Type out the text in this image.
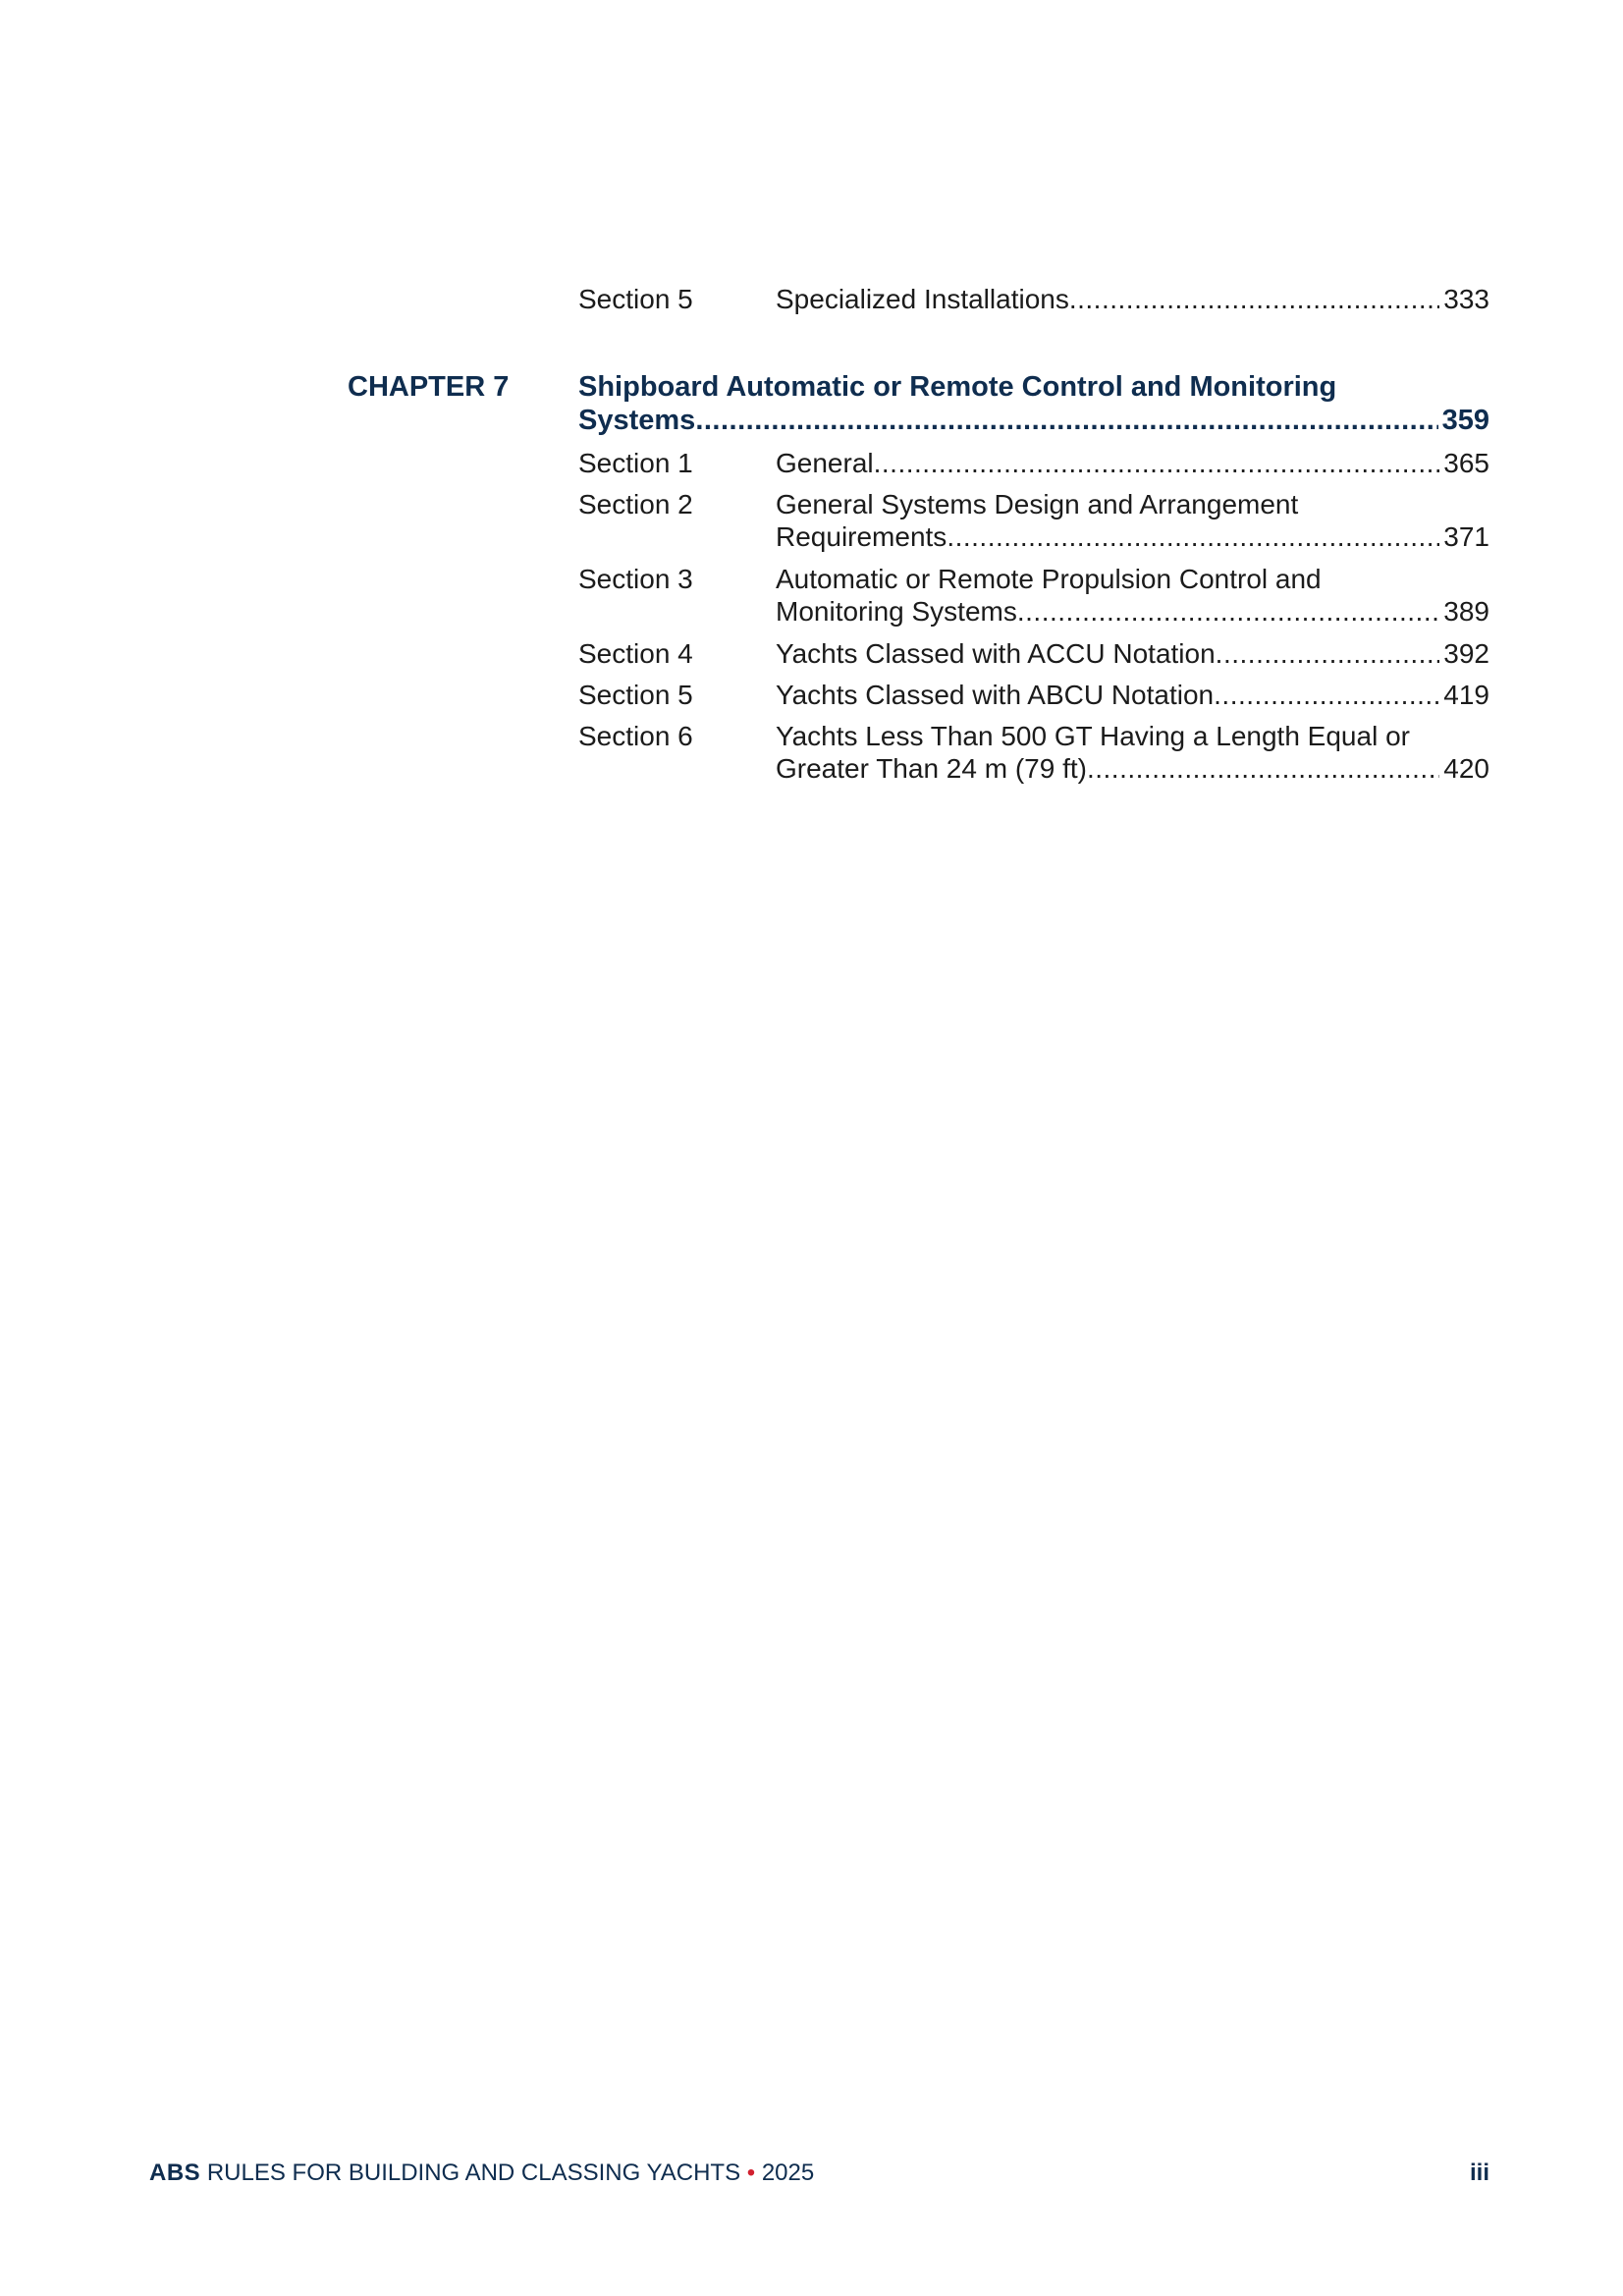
Section 5	Specialized Installations .....	333
CHAPTER 7 Shipboard Automatic or Remote Control and Monitoring
Systems .....	359
Section 1	General .....	365
Section 2	General Systems Design and Arrangement
Requirements .....	371
Section 3	Automatic or Remote Propulsion Control and
Monitoring Systems .....	389
Section 4	Yachts Classed with ACCU Notation .....	392
Section 5	Yachts Classed with ABCU Notation .....	419
Section 6	Yachts Less Than 500 GT Having a Length Equal or
Greater Than 24 m (79 ft) .....	420
ABS RULES FOR BUILDING AND CLASSING YACHTS • 2025	iii
